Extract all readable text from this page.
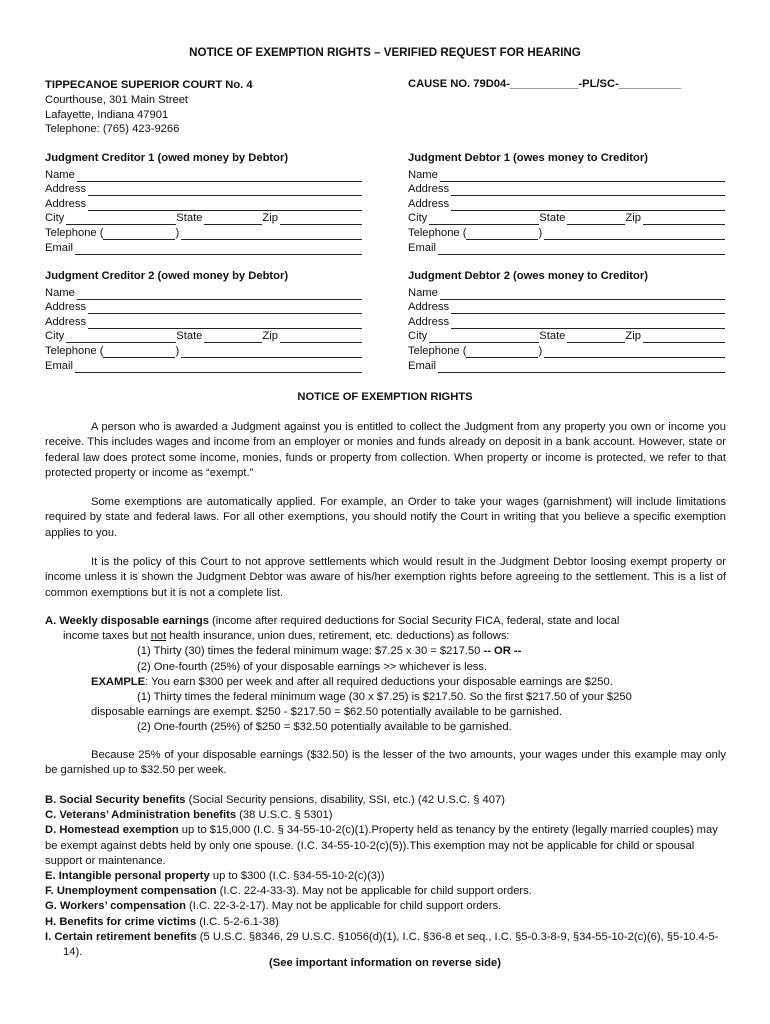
NOTICE OF EXEMPTION RIGHTS – VERIFIED REQUEST FOR HEARING
TIPPECANOE SUPERIOR COURT No. 4
Courthouse, 301 Main Street
Lafayette, Indiana 47901
Telephone: (765) 423-9266
CAUSE NO. 79D04-___________-PL/SC-__________
Judgment Creditor 1 (owed money by Debtor)
Name
Address
Address
City	State	Zip
Telephone (	)
Email
Judgment Debtor 1 (owes money to Creditor)
Name
Address
Address
City	State	Zip
Telephone (	)
Email
Judgment Creditor 2 (owed money by Debtor)
Name
Address
Address
City	State	Zip
Telephone (	)
Email
Judgment Debtor 2 (owes money to Creditor)
Name
Address
Address
City	State	Zip
Telephone (	)
Email
NOTICE OF EXEMPTION RIGHTS
A person who is awarded a Judgment against you is entitled to collect the Judgment from any property you own or income you receive. This includes wages and income from an employer or monies and funds already on deposit in a bank account. However, state or federal law does protect some income, monies, funds or property from collection. When property or income is protected, we refer to that protected property or income as “exempt.”
Some exemptions are automatically applied. For example, an Order to take your wages (garnishment) will include limitations required by state and federal laws. For all other exemptions, you should notify the Court in writing that you believe a specific exemption applies to you.
It is the policy of this Court to not approve settlements which would result in the Judgment Debtor loosing exempt property or income unless it is shown the Judgment Debtor was aware of his/her exemption rights before agreeing to the settlement. This is a list of common exemptions but it is not a complete list.
A. Weekly disposable earnings (income after required deductions for Social Security FICA, federal, state and local
income taxes but not health insurance, union dues, retirement, etc. deductions) as follows:
(1) Thirty (30) times the federal minimum wage: $7.25 x 30 = $217.50 -- OR --
(2) One-fourth (25%) of your disposable earnings >> whichever is less.
EXAMPLE: You earn $300 per week and after all required deductions your disposable earnings are $250.
(1) Thirty times the federal minimum wage (30 x $7.25) is $217.50. So the first $217.50 of your $250
disposable earnings are exempt. $250 - $217.50 = $62.50 potentially available to be garnished.
(2) One-fourth (25%) of $250 = $32.50 potentially available to be garnished.
Because 25% of your disposable earnings ($32.50) is the lesser of the two amounts, your wages under this example may only be garnished up to $32.50 per week.
B. Social Security benefits (Social Security pensions, disability, SSI, etc.) (42 U.S.C. § 407)
C. Veterans’ Administration benefits (38 U.S.C. § 5301)
D. Homestead exemption up to $15,000 (I.C. § 34-55-10-2(c)(1).Property held as tenancy by the entirety (legally married couples) may be exempt against debts held by only one spouse. (I.C. 34-55-10-2(c)(5)).This exemption may not be applicable for child or spousal support or maintenance.
E. Intangible personal property up to $300 (I.C. §34-55-10-2(c)(3))
F. Unemployment compensation (I.C. 22-4-33-3). May not be applicable for child support orders.
G. Workers’ compensation (I.C. 22-3-2-17). May not be applicable for child support orders.
H. Benefits for crime victims (I.C. 5-2-6.1-38)
I. Certain retirement benefits (5 U.S.C. §8346, 29 U.S.C. §1056(d)(1), I.C. §36-8 et seq., I.C. §5-0.3-8-9, §34-55-10-2(c)(6), §5-10.4-5-14).
(See important information on reverse side)
